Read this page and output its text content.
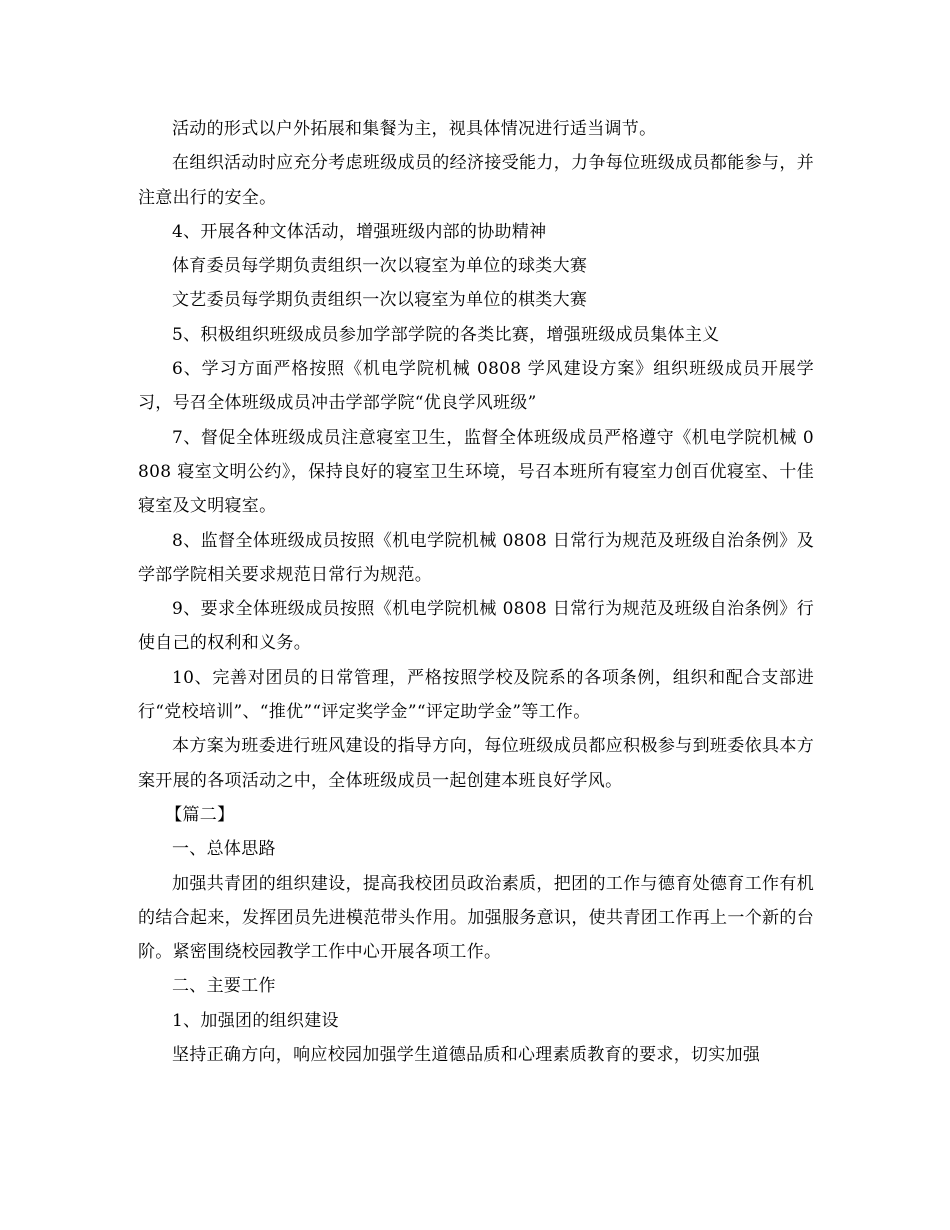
活动的形式以户外拓展和集餐为主，视具体情况进行适当调节。

在组织活动时应充分考虑班级成员的经济接受能力，力争每位班级成员都能参与，并注意出行的安全。

4、开展各种文体活动，增强班级内部的协助精神

体育委员每学期负责组织一次以寝室为单位的球类大赛

文艺委员每学期负责组织一次以寝室为单位的棋类大赛

5、积极组织班级成员参加学部学院的各类比赛，增强班级成员集体主义

6、学习方面严格按照《机电学院机械 0808 学风建设方案》组织班级成员开展学习，号召全体班级成员冲击学部学院“优良学风班级”

7、督促全体班级成员注意寝室卫生，监督全体班级成员严格遵守《机电学院机械 0808 寝室文明公约》，保持良好的寝室卫生环境，号召本班所有寝室力创百优寝室、十佳寝室及文明寝室。

8、监督全体班级成员按照《机电学院机械 0808 日常行为规范及班级自治条例》及学部学院相关要求规范日常行为规范。

9、要求全体班级成员按照《机电学院机械 0808 日常行为规范及班级自治条例》行使自己的权利和义务。

10、完善对团员的日常管理，严格按照学校及院系的各项条例，组织和配合支部进行“党校培训”、“推优”“评定奖学金”“评定助学金”等工作。

本方案为班委进行班风建设的指导方向，每位班级成员都应积极参与到班委依具本方案开展的各项活动之中，全体班级成员一起创建本班良好学风。

【篇二】

一、总体思路

加强共青团的组织建设，提高我校团员政治素质，把团的工作与德育处德育工作有机的结合起来，发挥团员先进模范带头作用。加强服务意识，使共青团工作再上一个新的台阶。紧密围绕校园教学工作中心开展各项工作。

二、主要工作

1、加强团的组织建设

坚持正确方向，响应校园加强学生道德品质和心理素质教育的要求，切实加强
